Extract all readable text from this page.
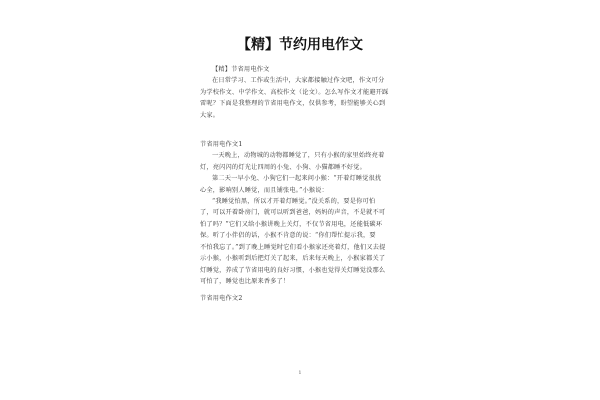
【精】节约用电作文
【精】节省用电作文
在日常学习、工作或生活中，大家都接触过作文吧，作文可分
为学校作文、中学作文、高校作文（论文）。怎么写作文才能避开踩
雷呢？下面是我整理的节省用电作文，仅供参考，盼望能够关心到
大家。
节省用电作文1
一天晚上，动物城的动物都睡觉了，只有小猴的家里始终亮着
灯，亮闪闪的灯光让四周的小兔、小狗、小猫都睡不好觉。
第二天一早小兔、小狗它们一起来问小猴：“开着灯睡觉很扰
心全，影响别人睡觉，而且铺张电。”小猴说：
“我睡觉怕黑，所以才开着灯睡觉。”没关系的，要是你可怕
了，可以开着卧房门，就可以听到爸爸，妈妈的声音，不是就不可
怕了吗？”它们又给小猴讲晚上关灯，不仅节省用电，还能低碳环
保。听了小伴侣的话，小猴不肯意的说：“你们帮忙提示我，要
不怕我忘了。”到了晚上睡觉时它们看小猴家还亮着灯，他们又去提
示小猴，小猴听到后把灯关了起来，后来每天晚上，小猴家都关了
灯睡觉，养成了节省用电的良好习惯，小猴也觉得关灯睡觉没那么
可怕了，睡觉也比原来香多了！
节省用电作文2
1
